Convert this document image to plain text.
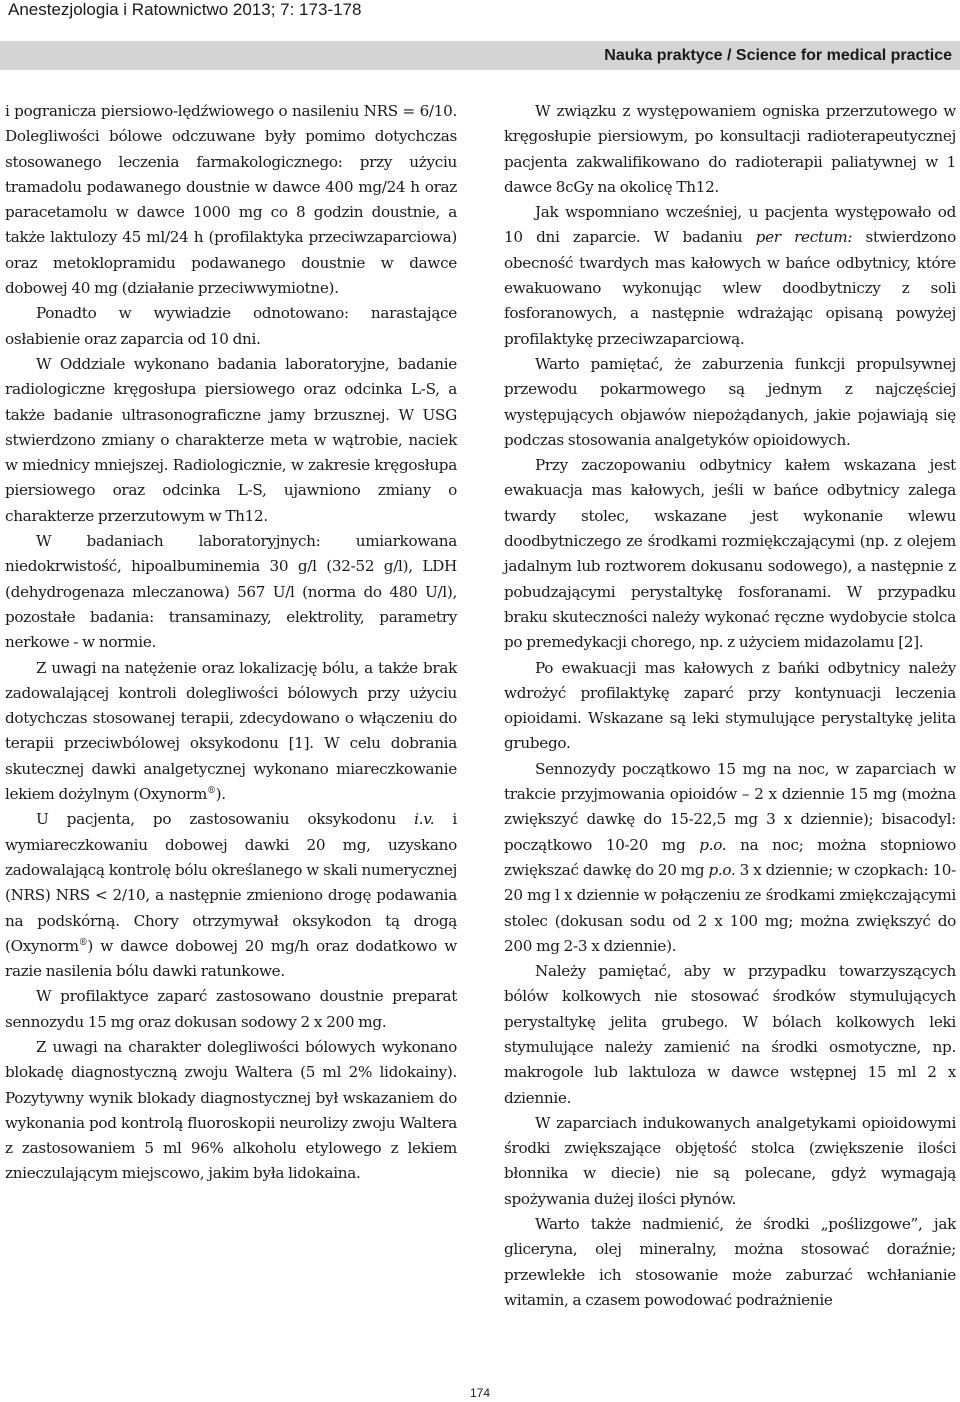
Anestezjologia i Ratownictwo 2013; 7: 173-178
Nauka praktyce / Science for medical practice

i pogranicza piersiowo-lędźwiowego o nasileniu NRS = 6/10. Dolegliwości bólowe odczuwane były pomimo dotychczas stosowanego leczenia farmakologicznego: przy użyciu tramadolu podawanego doustnie w dawce 400 mg/24 h oraz paracetamolu w dawce 1000 mg co 8 godzin doustnie, a także laktulozy 45 ml/24 h (profilaktyka przeciwzaparciowa) oraz metoklopramidu podawanego doustnie w dawce dobowej 40 mg (działanie przeciwwymiotne).

Ponadto w wywiadzie odnotowano: narastające osłabienie oraz zaparcia od 10 dni.

W Oddziale wykonano badania laboratoryjne, badanie radiologiczne kręgosłupa piersiowego oraz odcinka L-S, a także badanie ultrasonograficzne jamy brzusznej. W USG stwierdzono zmiany o charakterze meta w wątrobie, naciek w miednicy mniejszej. Radiologicznie, w zakresie kręgosłupa piersiowego oraz odcinka L-S, ujawniono zmiany o charakterze przerzutowym w Th12.

W badaniach laboratoryjnych: umiarkowana niedokrwistość, hipoalbuminemia 30 g/l (32-52 g/l), LDH (dehydrogenaza mleczanowa) 567 U/l (norma do 480 U/l), pozostałe badania: transaminazy, elektrolity, parametry nerkowe - w normie.

Z uwagi na natężenie oraz lokalizację bólu, a także brak zadowalającej kontroli dolegliwości bólowych przy użyciu dotychczas stosowanej terapii, zdecydowano o włączeniu do terapii przeciwbólowej oksykodonu [1]. W celu dobrania skutecznej dawki analgetycznej wykonano miareczkowanie lekiem dożylnym (Oxynorm®).

U pacjenta, po zastosowaniu oksykodonu i.v. i wymiareczkowaniu dobowej dawki 20 mg, uzyskano zadowalającą kontrolę bólu określanego w skali numerycznej (NRS) NRS < 2/10, a następnie zmieniono drogę podawania na podskórną. Chory otrzymywał oksykodon tą drogą (Oxynorm®) w dawce dobowej 20 mg/h oraz dodatkowo w razie nasilenia bólu dawki ratunkowe.

W profilaktyce zaparć zastosowano doustnie preparat sennozydu 15 mg oraz dokusan sodowy 2 x 200 mg.

Z uwagi na charakter dolegliwości bólowych wykonano blokadę diagnostyczną zwoju Waltera (5 ml 2% lidokainy). Pozytywny wynik blokady diagnostycznej był wskazaniem do wykonania pod kontrolą fluoroskopii neurolizy zwoju Waltera z zastosowaniem 5 ml 96% alkoholu etylowego z lekiem znieczulającym miejscowo, jakim była lidokaina.

W związku z występowaniem ogniska przerzutowego w kręgosłupie piersiowym, po konsultacji radioterapeutycznej pacjenta zakwalifikowano do radioterapii paliatywnej w 1 dawce 8cGy na okolicę Th12.

Jak wspomniano wcześniej, u pacjenta występowało od 10 dni zaparcie. W badaniu per rectum: stwierdzono obecność twardych mas kałowych w bańce odbytnicy, które ewakuowano wykonując wlew doodbytniczy z soli fosforanowych, a następnie wdrażając opisaną powyżej profilaktykę przeciwzaparciową.

Warto pamiętać, że zaburzenia funkcji propulsywnej przewodu pokarmowego są jednym z najczęściej występujących objawów niepożądanych, jakie pojawiają się podczas stosowania analgetyków opioidowych.

Przy zaczopowaniu odbytnicy kałem wskazana jest ewakuacja mas kałowych, jeśli w bańce odbytnicy zalega twardy stolec, wskazane jest wykonanie wlewu doodbytniczego ze środkami rozmiękczającymi (np. z olejem jadalnym lub roztworem dokusanu sodowego), a następnie z pobudzającymi perystaltykę fosforanami. W przypadku braku skuteczności należy wykonać ręczne wydobycie stolca po premedykacji chorego, np. z użyciem midazolamu [2].

Po ewakuacji mas kałowych z bańki odbytnicy należy wdrożyć profilaktykę zaparć przy kontynuacji leczenia opioidami. Wskazane są leki stymulujące perystaltykę jelita grubego.

Sennozydy początkowo 15 mg na noc, w zaparciach w trakcie przyjmowania opioidów – 2 x dziennie 15 mg (można zwiększyć dawkę do 15-22,5 mg 3 x dziennie); bisacodyl: początkowo 10-20 mg p.o. na noc; można stopniowo zwiększać dawkę do 20 mg p.o. 3 x dziennie; w czopkach: 10-20 mg l x dziennie w połączeniu ze środkami zmiękczającymi stolec (dokusan sodu od 2 x 100 mg; można zwiększyć do 200 mg 2-3 x dziennie).

Należy pamiętać, aby w przypadku towarzyszących bólów kolkowych nie stosować środków stymulujących perystaltykę jelita grubego. W bólach kolkowych leki stymulujące należy zamienić na środki osmotyczne, np. makrogole lub laktuloza w dawce wstępnej 15 ml 2 x dziennie.

W zaparciach indukowanych analgetykami opioidowymi środki zwiększające objętość stolca (zwiększenie ilości błonnika w diecie) nie są polecane, gdyż wymagają spożywania dużej ilości płynów.

Warto także nadmienić, że środki „poślizgowe”, jak gliceryna, olej mineralny, można stosować doraźnie; przewlekłe ich stosowanie może zaburzać wchłanianie witamin, a czasem powodować podrażnienie

174
